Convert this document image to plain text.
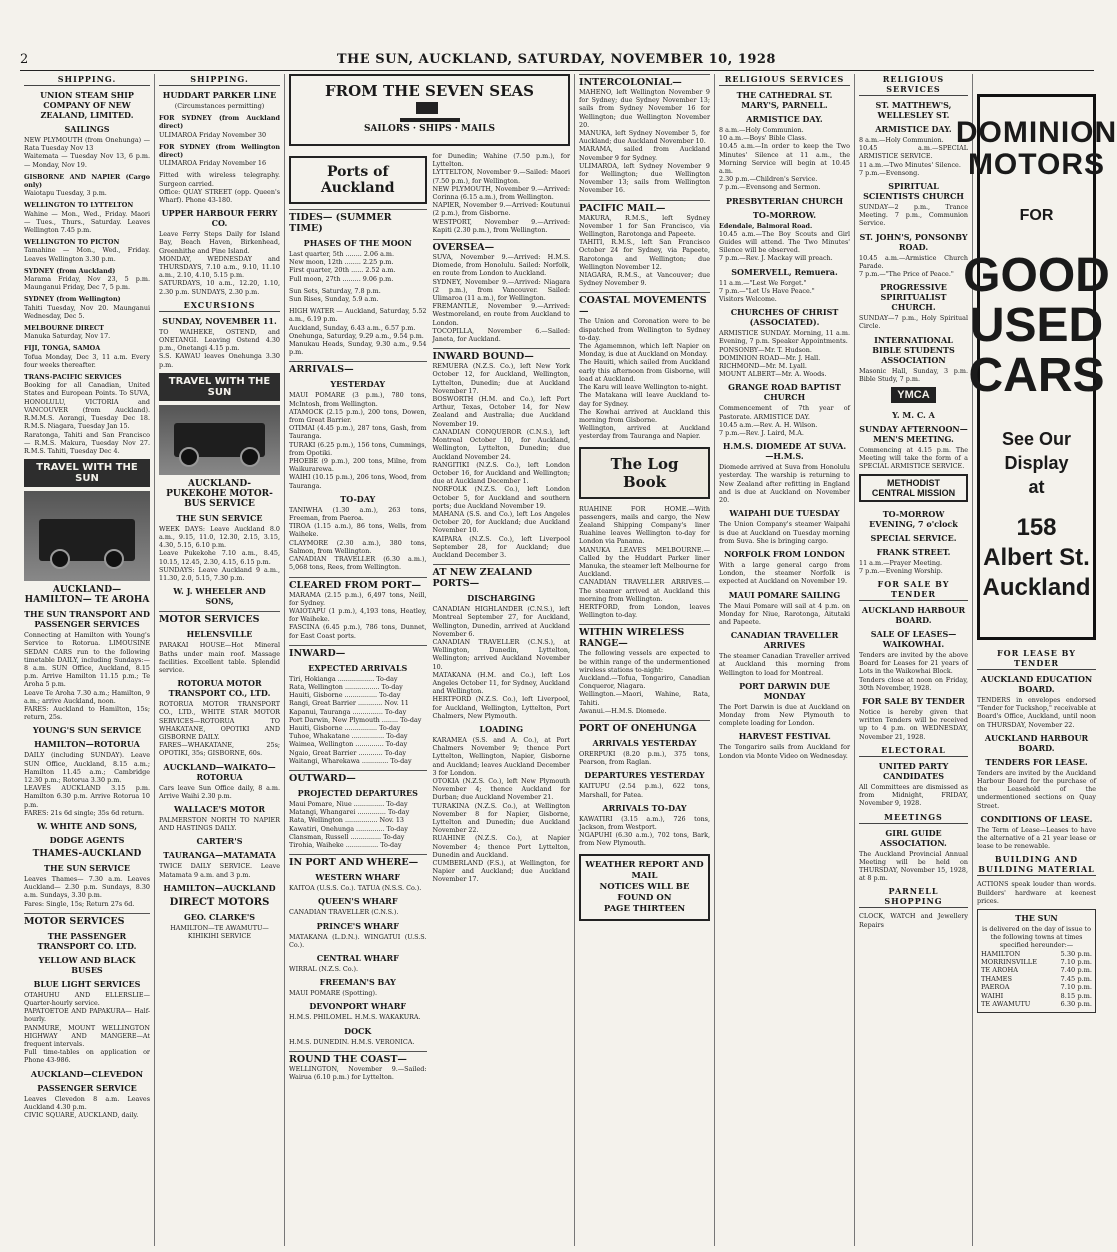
2	THE SUN, AUCKLAND, SATURDAY, NOVEMBER 10, 1928
SHIPPING.
UNION STEAM SHIP COMPANY OF NEW ZEALAND, LIMITED.
SAILINGS

NEW PLYMOUTH (from Onehunga) — Rata Tuesday Nov 13

Waitemata — Tuesday Nov 13, 6 p.m. — Monday, Nov 19.

GISBORNE AND NAPIER (Cargo only)

Waiotapu Tuesday, 3 p.m.

WELLINGTON TO LYTTELTON

Wahine — Mon., Wed., Friday. Maori — Tues., Thurs., Saturday. Leaves Wellington 7.45 p.m.

WELLINGTON TO PICTON

Tamahine — Mon., Wed., Friday. Leaves Wellington 3.30 p.m.

SYDNEY (from Auckland)

Marama Friday, Nov 23, 5 p.m. Maunganui Friday, Dec 7, 5 p.m.

SYDNEY (from Wellington)

Tahiti Tuesday, Nov 20. Maunganui Wednesday, Dec 5.

MELBOURNE DIRECT

Manuka Saturday, Nov 17.

FIJI, TONGA, SAMOA

Tofua Monday, Dec 3, 11 a.m. Every four weeks thereafter.

TRANS-PACIFIC SERVICES

Booking for all Canadian, United States and European Points. To SUVA, HONOLULU, VICTORIA and VANCOUVER (from Auckland). R.M.M.S. Aorangi, Tuesday Dec 18. R.M.S. Niagara, Tuesday Jan 15.

Raratonga, Tahiti and San Francisco — R.M.S. Makura, Tuesday Nov 27. R.M.S. Tahiti, Tuesday Dec 4.

TRAVEL WITH THE SUN
AUCKLAND— HAMILTON— TE AROHA
THE SUN TRANSPORT AND PASSENGER SERVICES

Connecting at Hamilton with Young's Service to Rotorua. LIMOUSINE SEDAN CARS run to the following timetable DAILY, including Sundays:— 8 a.m. SUN Office, Auckland, 8.15 p.m. Arrive Hamilton 11.15 p.m.; Te Aroha 5 p.m.

Leave Te Aroha 7.30 a.m.; Hamilton, 9 a.m.; arrive Auckland, noon.

FARES: Auckland to Hamilton, 15s; return, 25s.

YOUNG'S SUN SERVICE
HAMILTON—ROTORUA

DAILY (including SUNDAY). Leave SUN Office, Auckland, 8.15 a.m.; Hamilton 11.45 a.m.; Cambridge 12.30 p.m.; Rotorua 3.30 p.m.

LEAVES AUCKLAND 3.15 p.m. Hamilton 6.30 p.m. Arrive Rotorua 10 p.m.

FARES: 21s 6d single; 35s 6d return.

W. WHITE AND SONS,
DODGE AGENTS
THAMES-AUCKLAND
THE SUN SERVICE

Leaves Thames— 7.30 a.m. Leaves Auckland— 2.30 p.m. Sundays, 8.30 a.m. Sundays, 3.30 p.m.

Fares: Single, 15s; Return 27s 6d.

MOTOR SERVICES
THE PASSENGER TRANSPORT CO. LTD.
YELLOW AND BLACK BUSES
BLUE LIGHT SERVICES

OTAHUHU AND ELLERSLIE—Quarter-hourly service.

PAPATOETOE AND PAPAKURA— Half-hourly.

PANMURE, MOUNT WELLINGTON HIGHWAY AND MANGERE—At frequent intervals.

Full time-tables on application or Phone 43-986.

AUCKLAND—CLEVEDON
PASSENGER SERVICE

Leaves Clevedon 8 a.m. Leaves Auckland 4.30 p.m.

CIVIC SQUARE, AUCKLAND, daily.

SHIPPING.
HUDDART PARKER LINE

(Circumstances permitting)

FOR SYDNEY (from Auckland direct)

ULIMAROA Friday November 30

FOR SYDNEY (from Wellington direct)

ULIMAROA Friday November 16

Fitted with wireless telegraphy. Surgeon carried.

Office: QUAY STREET (opp. Queen's Wharf). Phone 43-180.

UPPER HARBOUR FERRY CO.

Leave Ferry Steps Daily for Island Bay, Beach Haven, Birkenhead, Greenhithe and Pine Island.

MONDAY, WEDNESDAY and THURSDAYS, 7.10 a.m., 9.10, 11.10 a.m., 2.10, 4.10, 5.15 p.m.

SATURDAYS, 10 a.m., 12.20, 1.10, 2.30 p.m. SUNDAYS, 2.30 p.m.

EXCURSIONS
SUNDAY, NOVEMBER 11.

TO WAIHEKE, OSTEND, and ONETANGI. Leaving Ostend 4.30 p.m., Onetangi 4.15 p.m.

S.S. KAWAU leaves Onehunga 3.30 p.m.

TRAVEL WITH THE SUN
AUCKLAND-PUKEKOHE MOTOR-BUS SERVICE
THE SUN SERVICE

WEEK DAYS: Leave Auckland 8.0 a.m., 9.15, 11.0, 12.30, 2.15, 3.15, 4.30, 5.15, 6.10 p.m.

Leave Pukekohe 7.10 a.m., 8.45, 10.15, 12.45, 2.30, 4.15, 6.15 p.m.

SUNDAYS: Leave Auckland 9 a.m., 11.30, 2.0, 5.15, 7.30 p.m.

W. J. WHEELER AND SONS,
MOTOR SERVICES
HELENSVILLE

PARAKAI HOUSE—Hot Mineral Baths under main roof. Massage facilities. Excellent table. Splendid service.

ROTORUA MOTOR TRANSPORT CO., LTD.

ROTORUA MOTOR TRANSPORT CO., LTD., WHITE STAR MOTOR SERVICES—ROTORUA TO WHAKATANE, OPOTIKI AND GISBORNE DAILY.

FARES—WHAKATANE, 25s; OPOTIKI, 35s; GISBORNE, 60s.

AUCKLAND—WAIKATO—ROTORUA

Cars leave Sun Office daily, 8 a.m. Arrive Waihi 2.30 p.m.

WALLACE'S MOTOR

PALMERSTON NORTH TO NAPIER AND HASTINGS DAILY.

CARTER'S
TAURANGA—MATAMATA

TWICE DAILY SERVICE. Leave Matamata 9 a.m. and 3 p.m.

HAMILTON—AUCKLAND
DIRECT MOTORS
GEO. CLARKE'S

HAMILTON—TE AWAMUTU—KIHIKIHI SERVICE

FROM THE SEVEN SEAS
SAILORS · SHIPS · MAILS
Ports of Auckland
TIDES— (SUMMER TIME)
PHASES OF THE MOON

Last quarter, 5th ........ 2.06 a.m.

New moon, 12th ........ 2.25 p.m.

First quarter, 20th ...... 2.52 a.m.

Full moon, 27th ......... 9.06 p.m.

Sun Sets, Saturday, 7.8 p.m.

Sun Rises, Sunday, 5.9 a.m.

HIGH WATER — Auckland, Saturday, 5.52 a.m., 6.19 p.m.

Auckland, Sunday, 6.43 a.m., 6.57 p.m.

Onehunga, Saturday, 9.29 a.m., 9.54 p.m.

Manukau Heads, Sunday, 9.30 a.m., 9.54 p.m.

ARRIVALS—
YESTERDAY

MAUI POMARE (3 p.m.), 780 tons, McIntosh, from Wellington.

ATAMOCK (2.15 p.m.), 200 tons, Dowen, from Great Barrier.

OTIMAI (4.45 p.m.), 287 tons, Gash, from Tauranga.

TURAKI (6.25 p.m.), 156 tons, Cummings, from Opotiki.

PHOEBE (9 p.m.), 200 tons, Milne, from Waikurarewa.

WAIHI (10.15 p.m.), 206 tons, Wood, from Tauranga.

TO-DAY

TANIWHA (1.30 a.m.), 263 tons, Freeman, from Paeroa.

TIROA (1.15 a.m.), 86 tons, Wells, from Waiheke.

CLAYMORE (2.30 a.m.), 380 tons, Salmon, from Wellington.

CANADIAN TRAVELLER (6.30 a.m.), 5,068 tons, Rees, from Wellington.

CLEARED FROM PORT—

MARAMA (2.15 p.m.), 6,497 tons, Neill, for Sydney.

WAIOTAPU (1 p.m.), 4,193 tons, Heatley, for Waiheke.

FASCINA (6.45 p.m.), 786 tons, Dunnet, for East Coast ports.

INWARD—
EXPECTED ARRIVALS

Tiri, Hokianga .................. To-day

Rata, Wellington ................. To-day

Hauiti, Gisborne ................ To-day

Rangi, Great Barrier ............ Nov. 11

Kapanui, Tauranga ............... To-day

Port Darwin, New Plymouth ........ To-day

Hauiti, Gisborne ................ To-day

Tuhoe, Whakatane ................ To-day

Waimea, Wellington .............. To-day

Ngaio, Great Barrier ............ To-day

Waitangi, Wharekawa ............. To-day

OUTWARD—
PROJECTED DEPARTURES

Maui Pomare, Niue ............... To-day

Matangi, Whangarei .............. To-day

Rata, Wellington ................ Nov. 13

Kawatiri, Onehunga .............. To-day

Clansman, Russell ............... To-day

Tirohia, Waiheke ................ To-day

IN PORT AND WHERE—
WESTERN WHARF

KAITOA (U.S.S. Co.). TATUA (N.S.S. Co.).

QUEEN'S WHARF

CANADIAN TRAVELLER (C.N.S.).

PRINCE'S WHARF

MATAKANA (L.D.N.). WINGATUI (U.S.S. Co.).

CENTRAL WHARF

WIRRAL (N.Z.S. Co.).

FREEMAN'S BAY

MAUI POMARE (Spotting).

DEVONPORT WHARF

H.M.S. PHILOMEL. H.M.S. WAKAKURA.

DOCK

H.M.S. DUNEDIN. H.M.S. VERONICA.

ROUND THE COAST—

WELLINGTON, November 9.—Sailed: Wairua (6.10 p.m.) for Lyttelton.

for Dunedin; Wahine (7.50 p.m.), for Lyttelton.

LYTTELTON, November 9.—Sailed: Maori (7.50 p.m.), for Wellington.

NEW PLYMOUTH, November 9.—Arrived: Corinna (6.15 a.m.), from Wellington.

NAPIER, November 9.—Arrived: Koutunui (2 p.m.), from Gisborne.

WESTPORT, November 9.—Arrived: Kapiti (2.30 p.m.), from Wellington.

OVERSEA—

SUVA, November 9.—Arrived: H.M.S. Diomede, from Honolulu. Sailed: Norfolk, en route from London to Auckland.

SYDNEY, November 9.—Arrived: Niagara (2 p.m.), from Vancouver. Sailed: Ulimaroa (11 a.m.), for Wellington.

FREMANTLE, November 9.—Arrived: Westmoreland, en route from Auckland to London.

TOCOPILLA, November 6.—Sailed: Janeta, for Auckland.

INWARD BOUND—

REMUERA (N.Z.S. Co.), left New York October 12, for Auckland, Wellington, Lyttelton, Dunedin; due at Auckland November 17.

BOSWORTH (H.M. and Co.), left Port Arthur, Texas, October 14, for New Zealand and Australia; due Auckland November 19.

CANADIAN CONQUEROR (C.N.S.), left Montreal October 10, for Auckland, Wellington, Lyttelton, Dunedin; due Auckland November 24.

RANGITIKI (N.Z.S. Co.), left London October 16, for Auckland and Wellington; due at Auckland December 1.

NORFOLK (N.Z.S. Co.), left London October 5, for Auckland and southern ports; due Auckland November 19.

MAHANA (S.S. and Co.), left Los Angeles October 20, for Auckland; due Auckland November 10.

KAIPARA (N.Z.S. Co.), left Liverpool September 28, for Auckland; due Auckland December 3.

AT NEW ZEALAND PORTS—
DISCHARGING

CANADIAN HIGHLANDER (C.N.S.), left Montreal September 27, for Auckland, Wellington, Dunedin, arrived at Auckland November 6.

CANADIAN TRAVELLER (C.N.S.), at Wellington, Dunedin, Lyttelton, Wellington; arrived Auckland November 10.

MATAKANA (H.M. and Co.), left Los Angeles October 11, for Sydney, Auckland and Wellington.

HERTFORD (N.Z.S. Co.), left Liverpool, for Auckland, Wellington, Lyttelton, Port Chalmers, New Plymouth.

LOADING

KARAMEA (S.S. and A. Co.), at Port Chalmers November 9; thence Port Lyttelton, Wellington, Napier, Gisborne and Auckland; leaves Auckland December 3 for London.

OTOKIA (N.Z.S. Co.), left New Plymouth November 4; thence Auckland for Durban; due Auckland November 21.

TURAKINA (N.Z.S. Co.), at Wellington November 8 for Napier, Gisborne, Lyttelton and Dunedin; due Auckland November 22.

RUAHINE (N.Z.S. Co.), at Napier November 4; thence Port Lyttelton, Dunedin and Auckland.

CUMBERLAND (F.S.), at Wellington, for Napier and Auckland; due Auckland November 17.

INTERCOLONIAL—

MAHENO, left Wellington November 9 for Sydney; due Sydney November 13; sails from Sydney November 16 for Wellington; due Wellington November 20.

MANUKA, left Sydney November 5, for Auckland; due Auckland November 10.

MARAMA, sailed from Auckland November 9 for Sydney.

ULIMAROA, left Sydney November 9 for Wellington; due Wellington November 13; sails from Wellington November 16.

PACIFIC MAIL—

MAKURA, R.M.S., left Sydney November 1 for San Francisco, via Wellington, Rarotonga and Papeete.

TAHITI, R.M.S., left San Francisco October 24 for Sydney, via Papeete, Rarotonga and Wellington; due Wellington November 12.

NIAGARA, R.M.S., at Vancouver; due Sydney November 9.

COASTAL MOVEMENTS—

The Union and Coronation were to be dispatched from Wellington to Sydney to-day.

The Agamemnon, which left Napier on Monday, is due at Auckland on Monday.

The Hauiti, which sailed from Auckland early this afternoon from Gisborne, will load at Auckland.

The Karu will leave Wellington to-night.

The Matakana will leave Auckland to-day for Sydney.

The Kowhai arrived at Auckland this morning from Gisborne.

Wellington, arrived at Auckland yesterday from Tauranga and Napier.

The Log Book

RUAHINE FOR HOME.—With passengers, mails and cargo, the New Zealand Shipping Company's liner Ruahine leaves Wellington to-day for London via Panama.

MANUKA LEAVES MELBOURNE.—Called by the Huddart Parker liner Manuka, the steamer left Melbourne for Auckland.

CANADIAN TRAVELLER ARRIVES.—The steamer arrived at Auckland this morning from Wellington.

HERTFORD, from London, leaves Wellington to-day.

WITHIN WIRELESS RANGE—

The following vessels are expected to be within range of the undermentioned wireless stations to-night:

Auckland.—Tofua, Tongariro, Canadian Conqueror, Niagara.

Wellington.—Maori, Wahine, Rata, Tahiti.

Awanui.—H.M.S. Diomede.

PORT OF ONEHUNGA
ARRIVALS YESTERDAY

ORERPUKI (8.20 p.m.), 375 tons, Pearson, from Raglan.

DEPARTURES YESTERDAY

KAITUPU (2.54 p.m.), 622 tons, Marshall, for Patea.

ARRIVALS TO-DAY

KAWATIRI (3.15 a.m.), 726 tons, Jackson, from Westport.

NGAPUHI (6.30 a.m.), 702 tons, Bark, from New Plymouth.

WEATHER REPORT AND MAIL
NOTICES WILL BE FOUND ON
PAGE THIRTEEN
RELIGIOUS SERVICES
THE CATHEDRAL ST. MARY'S, PARNELL.
ARMISTICE DAY.

8 a.m.—Holy Communion.

10 a.m.—Boys' Bible Class.

10.45 a.m.—In order to keep the Two Minutes' Silence at 11 a.m., the Morning Service will begin at 10.45 a.m.

2.30 p.m.—Children's Service.

7 p.m.—Evensong and Sermon.

PRESBYTERIAN CHURCH
TO-MORROW.

Edendale, Balmoral Road.

10.45 a.m.—The Boy Scouts and Girl Guides will attend. The Two Minutes' Silence will be observed.

7 p.m.—Rev. J. Mackay will preach.

SOMERVELL, Remuera.

11 a.m.—"Lest We Forget."

7 p.m.—"Let Us Have Peace."

Visitors Welcome.

CHURCHES OF CHRIST (ASSOCIATED).

ARMISTICE SUNDAY. Morning, 11 a.m. Evening, 7 p.m. Speaker Appointments.

PONSONBY—Mr. T. Hudson.

DOMINION ROAD—Mr. J. Hall.

RICHMOND—Mr. M. Lyall.

MOUNT ALBERT—Mr. A. Woods.

GRANGE ROAD BAPTIST CHURCH

Commencement of 7th year of Pastorate. ARMISTICE DAY.

10.45 a.m.—Rev. A. H. Wilson.

7 p.m.—Rev. J. Laird, M.A.

H.M.S. DIOMEDE AT SUVA.—H.M.S.

Diomede arrived at Suva from Honolulu yesterday. The warship is returning to New Zealand after refitting in England and is due at Auckland on November 20.

WAIPAHI DUE TUESDAY

The Union Company's steamer Waipahi is due at Auckland on Tuesday morning from Suva. She is bringing cargo.

NORFOLK FROM LONDON

With a large general cargo from London, the steamer Norfolk is expected at Auckland on November 19.

MAUI POMARE SAILING

The Maui Pomare will sail at 4 p.m. on Monday for Niue, Rarotonga, Aitutaki and Papeete.

CANADIAN TRAVELLER ARRIVES

The steamer Canadian Traveller arrived at Auckland this morning from Wellington to load for Montreal.

PORT DARWIN DUE MONDAY

The Port Darwin is due at Auckland on Monday from New Plymouth to complete loading for London.

HARVEST FESTIVAL

The Tongariro sails from Auckland for London via Monte Video on Wednesday.

RELIGIOUS SERVICES
ST. MATTHEW'S, WELLESLEY ST.
ARMISTICE DAY.

8 a.m.—Holy Communion.

10.45 a.m.—SPECIAL ARMISTICE SERVICE.

11 a.m.—Two Minutes' Silence.

7 p.m.—Evensong.

SPIRITUAL SCIENTISTS CHURCH

SUNDAY—2 p.m., Trance Meeting. 7 p.m., Communion Service.

ST. JOHN'S, PONSONBY ROAD.

10.45 a.m.—Armistice Church Parade.

7 p.m.—"The Price of Peace."

PROGRESSIVE SPIRITUALIST CHURCH.

SUNDAY—7 p.m., Holy Spiritual Circle.

INTERNATIONAL BIBLE STUDENTS ASSOCIATION

Masonic Hall, Sunday, 3 p.m. Bible Study, 7 p.m.

YMCA
Y. M. C. A
SUNDAY AFTERNOON—MEN'S MEETING.

Commencing at 4.15 p.m. The Meeting will take the form of a SPECIAL ARMISTICE SERVICE.

METHODIST CENTRAL MISSION
TO-MORROW EVENING, 7 o'clock
SPECIAL SERVICE.
FRANK STREET.

11 a.m.—Prayer Meeting.

7 p.m.—Evening Worship.

FOR SALE BY TENDER
AUCKLAND HARBOUR BOARD.
SALE OF LEASES—WAIKOWHAI.

Tenders are invited by the above Board for Leases for 21 years of Lots in the Waikowhai Block.

Tenders close at noon on Friday, 30th November, 1928.

FOR SALE BY TENDER

Notice is hereby given that written Tenders will be received up to 4 p.m. on WEDNESDAY, November 21, 1928.

ELECTORAL
UNITED PARTY CANDIDATES

All Committees are dismissed as from Midnight, FRIDAY, November 9, 1928.

MEETINGS
GIRL GUIDE ASSOCIATION.

The Auckland Provincial Annual Meeting will be held on THURSDAY, November 15, 1928, at 8 p.m.

PARNELL SHOPPING

CLOCK, WATCH and Jewellery Repairs

DOMINION
MOTORS
FOR
GOOD
USED
CARS
See Our Display
at
158 Albert St.
Auckland
FOR LEASE BY TENDER
AUCKLAND EDUCATION BOARD.

TENDERS in envelopes endorsed "Tender for Tuckshop," receivable at Board's Office, Auckland, until noon on THURSDAY, November 22.

AUCKLAND HARBOUR BOARD.
TENDERS FOR LEASE.

Tenders are invited by the Auckland Harbour Board for the purchase of the Leasehold of the undermentioned sections on Quay Street.

CONDITIONS OF LEASE.

The Term of Lease—Leases to have the alternative of a 21 year lease or lease to be renewable.

BUILDING AND BUILDING MATERIAL

ACTIONS speak louder than words. Builders' hardware at keenest prices.

THE SUN

is delivered on the day of issue to the following towns at times specified hereunder:—

HAMILTON	5.30 p.m.
MORRINSVILLE	7.10 p.m.
TE AROHA	7.40 p.m.
THAMES	7.45 p.m.
PAEROA	7.10 p.m.
WAIHI	8.15 p.m.
TE AWAMUTU	6.30 p.m.
